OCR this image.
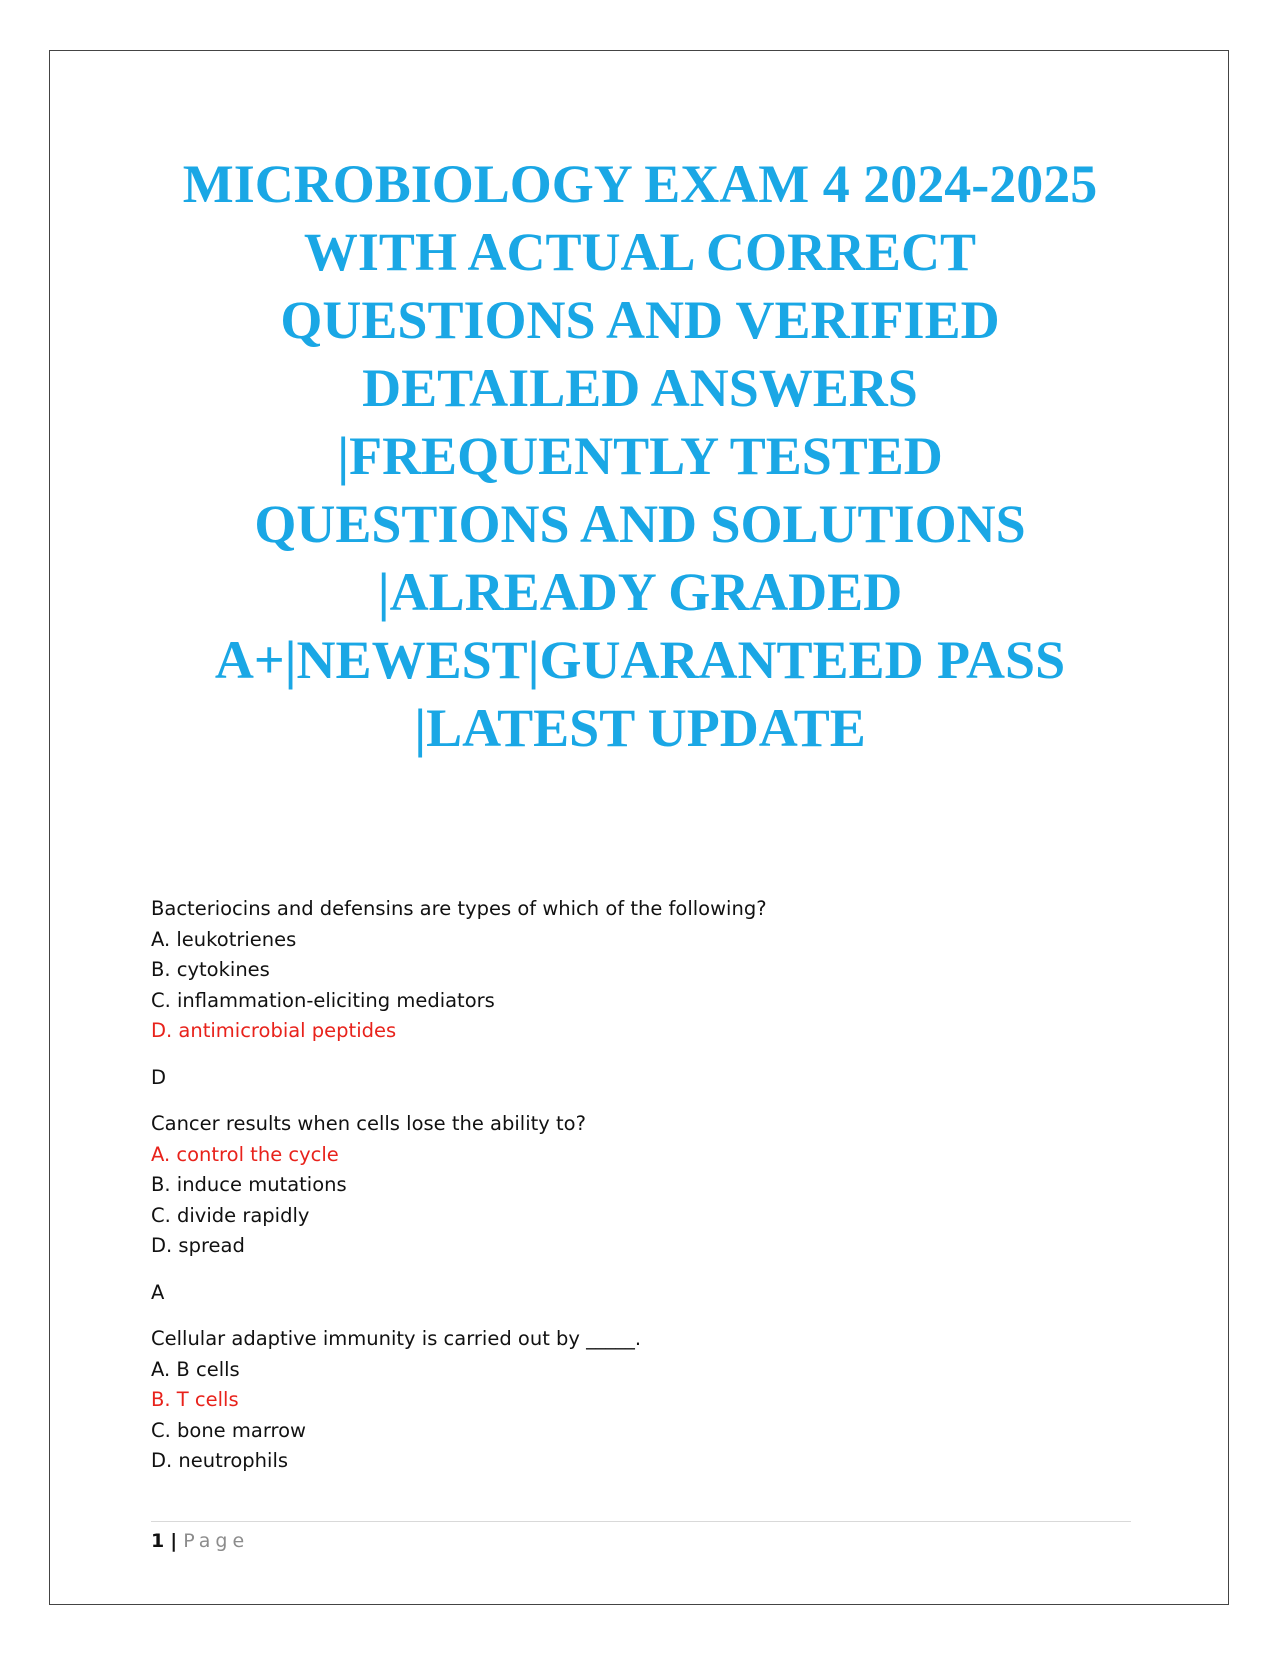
MICROBIOLOGY EXAM 4 2024-2025
WITH ACTUAL CORRECT
QUESTIONS AND VERIFIED
DETAILED ANSWERS
|FREQUENTLY TESTED
QUESTIONS AND SOLUTIONS
|ALREADY GRADED
A+|NEWEST|GUARANTEED PASS
|LATEST UPDATE
Bacteriocins and defensins are types of which of the following?
A. leukotrienes
B. cytokines
C. inflammation-eliciting mediators
D. antimicrobial peptides
D
Cancer results when cells lose the ability to?
A. control the cycle
B. induce mutations
C. divide rapidly
D. spread
A
Cellular adaptive immunity is carried out by _____.
A. B cells
B. T cells
C. bone marrow
D. neutrophils
1 | Page
